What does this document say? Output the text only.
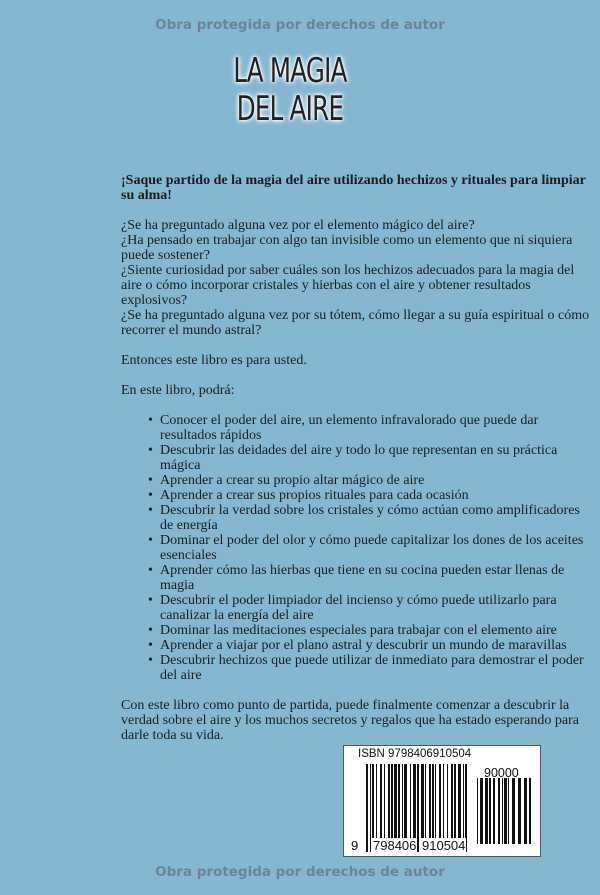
Obra protegida por derechos de autor
LA MAGIA
DEL AIRE

¡Saque partido de la magia del aire utilizando hechizos y rituales para limpiar su alma!

¿Se ha preguntado alguna vez por el elemento mágico del aire?
¿Ha pensado en trabajar con algo tan invisible como un elemento que ni siquiera puede sostener?
¿Siente curiosidad por saber cuáles son los hechizos adecuados para la magia del aire o cómo incorporar cristales y hierbas con el aire y obtener resultados explosivos?
¿Se ha preguntado alguna vez por su tótem, cómo llegar a su guía espiritual o cómo recorrer el mundo astral?

Entonces este libro es para usted.

En este libro, podrá:

• Conocer el poder del aire, un elemento infravalorado que puede dar resultados rápidos
• Descubrir las deidades del aire y todo lo que representan en su práctica mágica
• Aprender a crear su propio altar mágico de aire
• Aprender a crear sus propios rituales para cada ocasión
• Descubrir la verdad sobre los cristales y cómo actúan como amplificadores de energía
• Dominar el poder del olor y cómo puede capitalizar los dones de los aceites esenciales
• Aprender cómo las hierbas que tiene en su cocina pueden estar llenas de magia
• Descubrir el poder limpiador del incienso y cómo puede utilizarlo para canalizar la energía del aire
• Dominar las meditaciones especiales para trabajar con el elemento aire
• Aprender a viajar por el plano astral y descubrir un mundo de maravillas
• Descubrir hechizos que puede utilizar de inmediato para demostrar el poder del aire

Con este libro como punto de partida, puede finalmente comenzar a descubrir la verdad sobre el aire y los muchos secretos y regalos que ha estado esperando para darle toda su vida.

ISBN 9798406910504
90000
9 798406 910504
Obra protegida por derechos de autor
